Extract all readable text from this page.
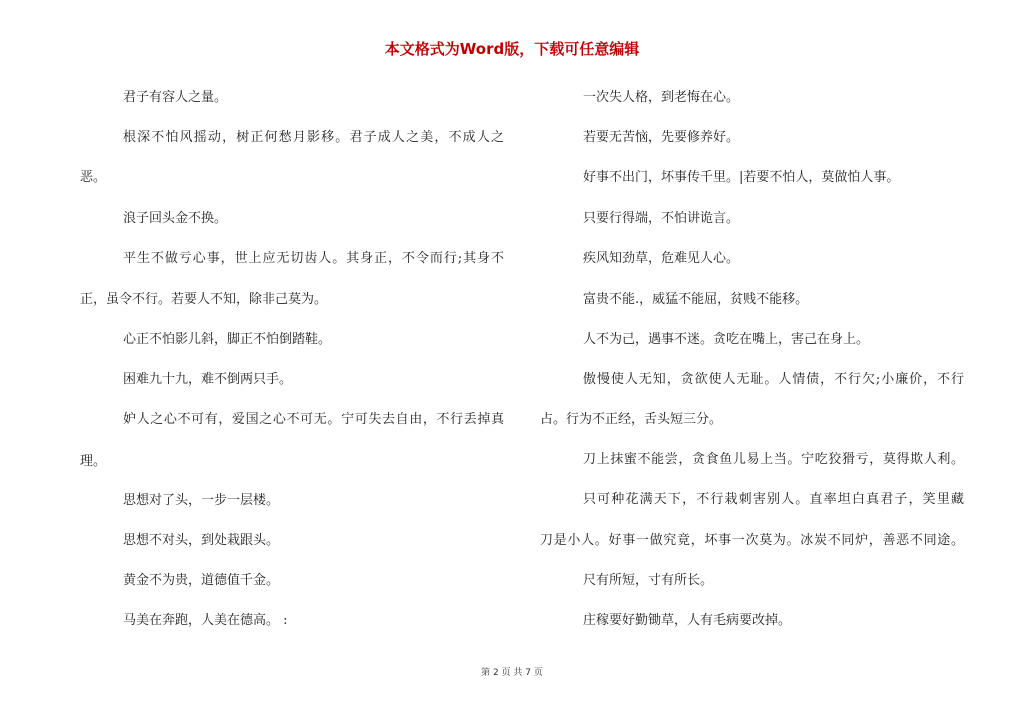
本文格式为Word版，下载可任意编辑
君子有容人之量。
根深不怕风摇动，树正何愁月影移。君子成人之美，不成人之
恶。
浪子回头金不换。
平生不做亏心事，世上应无切齿人。其身正，不令而行;其身不
正，虽令不行。若要人不知，除非己莫为。
心正不怕影儿斜，脚正不怕倒踏鞋。
困难九十九，难不倒两只手。
妒人之心不可有，爱国之心不可无。宁可失去自由，不行丢掉真
理。
思想对了头，一步一层楼。
思想不对头，到处栽跟头。
黄金不为贵，道德值千金。
马美在奔跑，人美在德高。 :
一次失人格，到老悔在心。
若要无苦恼，先要修养好。
好事不出门，坏事传千里。|若要不怕人，莫做怕人事。
只要行得端，不怕讲诡言。
疾风知劲草，危难见人心。
富贵不能.，威猛不能屈，贫贱不能移。
人不为己，遇事不迷。贪吃在嘴上，害己在身上。
傲慢使人无知，贪欲使人无耻。人情债，不行欠;小廉价，不行
占。行为不正经，舌头短三分。
刀上抹蜜不能尝，贪食鱼儿易上当。宁吃狡猾亏，莫得欺人利。
只可种花满天下，不行栽刺害别人。直率坦白真君子，笑里藏
刀是小人。好事一做究竟，坏事一次莫为。冰炭不同炉，善恶不同途。
尺有所短，寸有所长。
庄稼要好勤锄草，人有毛病要改掉。
第 2 页 共 7 页
